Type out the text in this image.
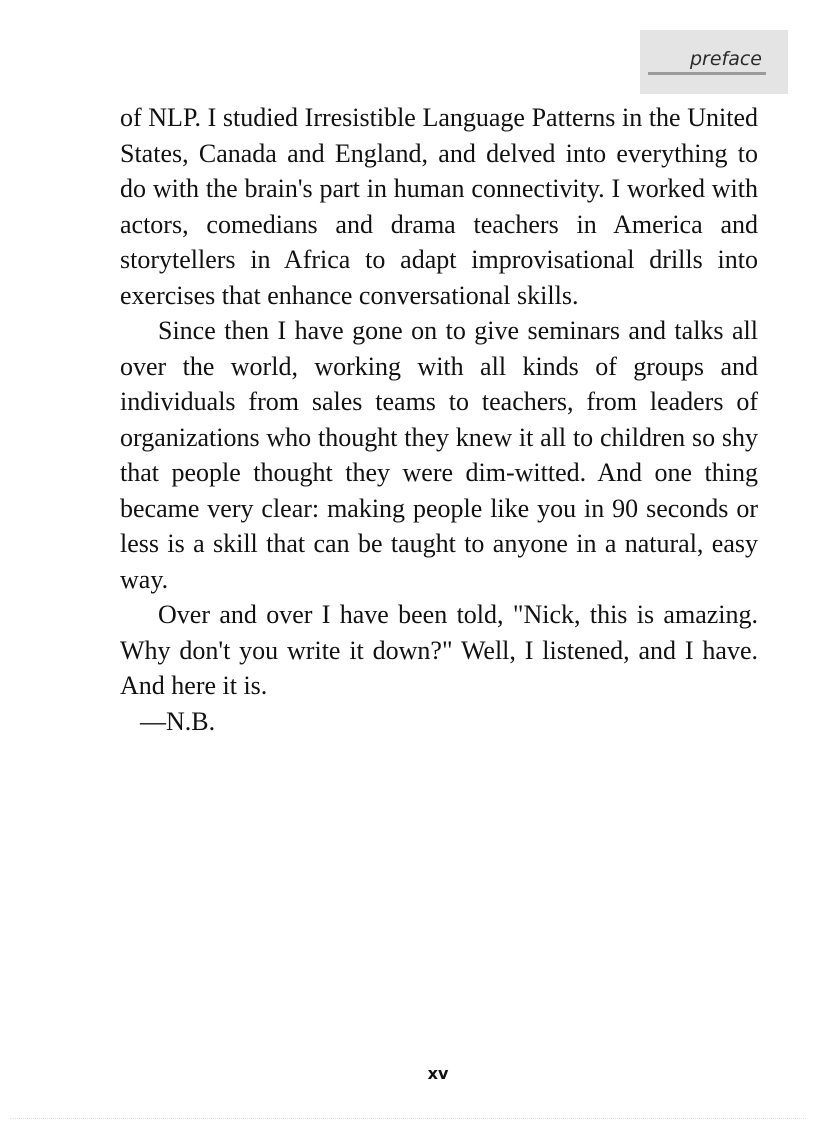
preface

of NLP. I studied Irresistible Language Patterns in the United States, Canada and England, and delved into everything to do with the brain's part in human connectivity. I worked with actors, comedians and drama teachers in America and storytellers in Africa to adapt improvisational drills into exercises that enhance conversational skills.

Since then I have gone on to give seminars and talks all over the world, working with all kinds of groups and individuals from sales teams to teachers, from leaders of organizations who thought they knew it all to children so shy that people thought they were dim-witted. And one thing became very clear: making people like you in 90 seconds or less is a skill that can be taught to anyone in a natural, easy way.

Over and over I have been told, "Nick, this is amazing. Why don't you write it down?" Well, I listened, and I have. And here it is.

—N.B.

xv
